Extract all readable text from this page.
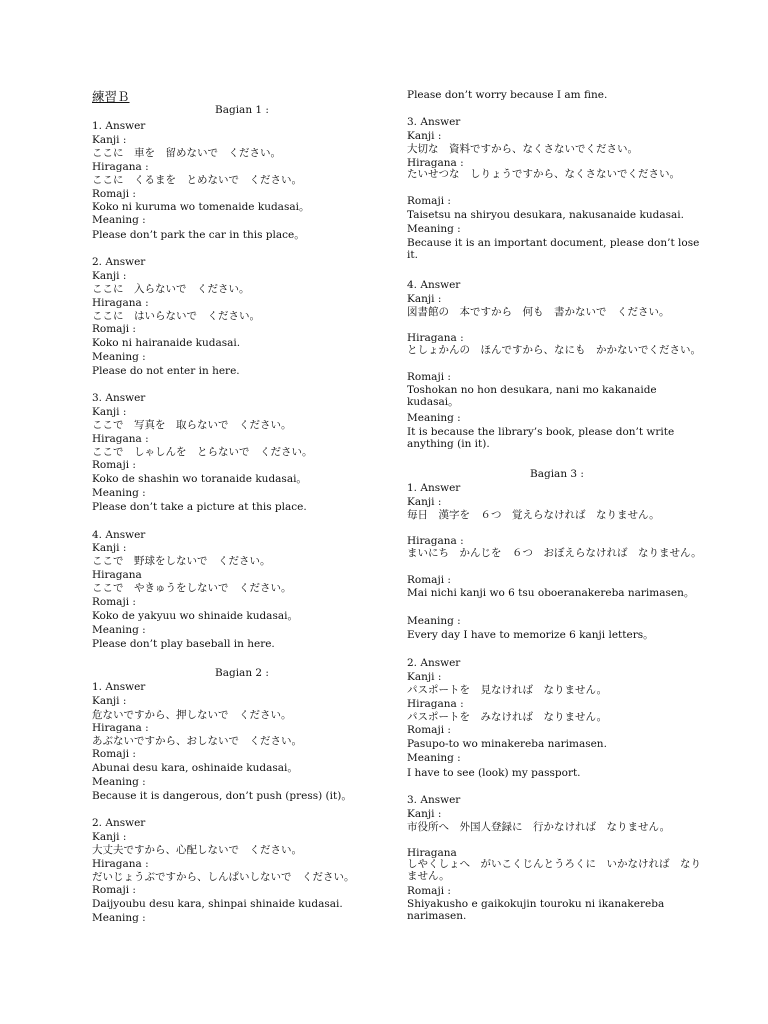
練習Ｂ
Bagian 1 :
1. Answer
Kanji :
ここに　車を　留めないで　ください。
Hiragana :
ここに　くるまを　とめないで　ください。
Romaji :
Koko ni kuruma wo tomenaide kudasai。
Meaning :
Please don’t park the car in this place。
2. Answer
Kanji :
ここに　入らないで　ください。
Hiragana :
ここに　はいらないで　ください。
Romaji :
Koko ni hairanaide kudasai.
Meaning :
Please do not enter in here.
3. Answer
Kanji :
ここで　写真を　取らないで　ください。
Hiragana :
ここで　しゃしんを　とらないで　ください。
Romaji :
Koko de shashin wo toranaide kudasai。
Meaning :
Please don’t take a picture at this place.
4. Answer
Kanji :
ここで　野球をしないで　ください。
Hiragana
ここで　やきゅうをしないで　ください。
Romaji :
Koko de yakyuu wo shinaide kudasai。
Meaning :
Please don’t play baseball in here.
Bagian 2 :
1. Answer
Kanji :
危ないですから、押しないで　ください。
Hiragana :
あぶないですから、おしないで　ください。
Romaji :
Abunai desu kara, oshinaide kudasai。
Meaning :
Because it is dangerous, don’t push (press) (it)。
2. Answer
Kanji :
大丈夫ですから、心配しないで　ください。
Hiragana :
だいじょうぶですから、しんぱいしないで　ください。
Romaji :
Daijyoubu desu kara, shinpai shinaide kudasai.
Meaning :
Please don’t worry because I am fine.
3. Answer
Kanji :
大切な　資料ですから、なくさないでください。
Hiragana :
たいせつな　しりょうですから、なくさないでください。
Romaji :
Taisetsu na shiryou desukara, nakusanaide kudasai.
Meaning :
Because it is an important document, please don’t lose it.
4. Answer
Kanji :
図書館の　本ですから　何も　書かないで　ください。
Hiragana :
としょかんの　ほんですから、なにも　かかないでください。
Romaji :
Toshokan no hon desukara, nani mo kakanaide kudasai。
Meaning :
It is because the library’s book, please don’t write anything (in it).
Bagian 3 :
1. Answer
Kanji :
毎日　漢字を　６つ　覚えらなければ　なりません。
Hiragana :
まいにち　かんじを　６つ　おぼえらなければ　なりません。
Romaji :
Mai nichi kanji wo 6 tsu oboeranakereba narimasen。
Meaning :
Every day I have to memorize 6 kanji letters。
2. Answer
Kanji :
パスポートを　見なければ　なりません。
Hiragana :
パスポートを　みなければ　なりません。
Romaji :
Pasupo-to wo minakereba narimasen.
Meaning :
I have to see (look) my passport.
3. Answer
Kanji :
市役所へ　外国人登録に　行かなければ　なりません。
Hiragana
しやくしょへ　がいこくじんとうろくに　いかなければ　なりません。
Romaji :
Shiyakusho e gaikokujin touroku ni ikanakereba narimasen.
